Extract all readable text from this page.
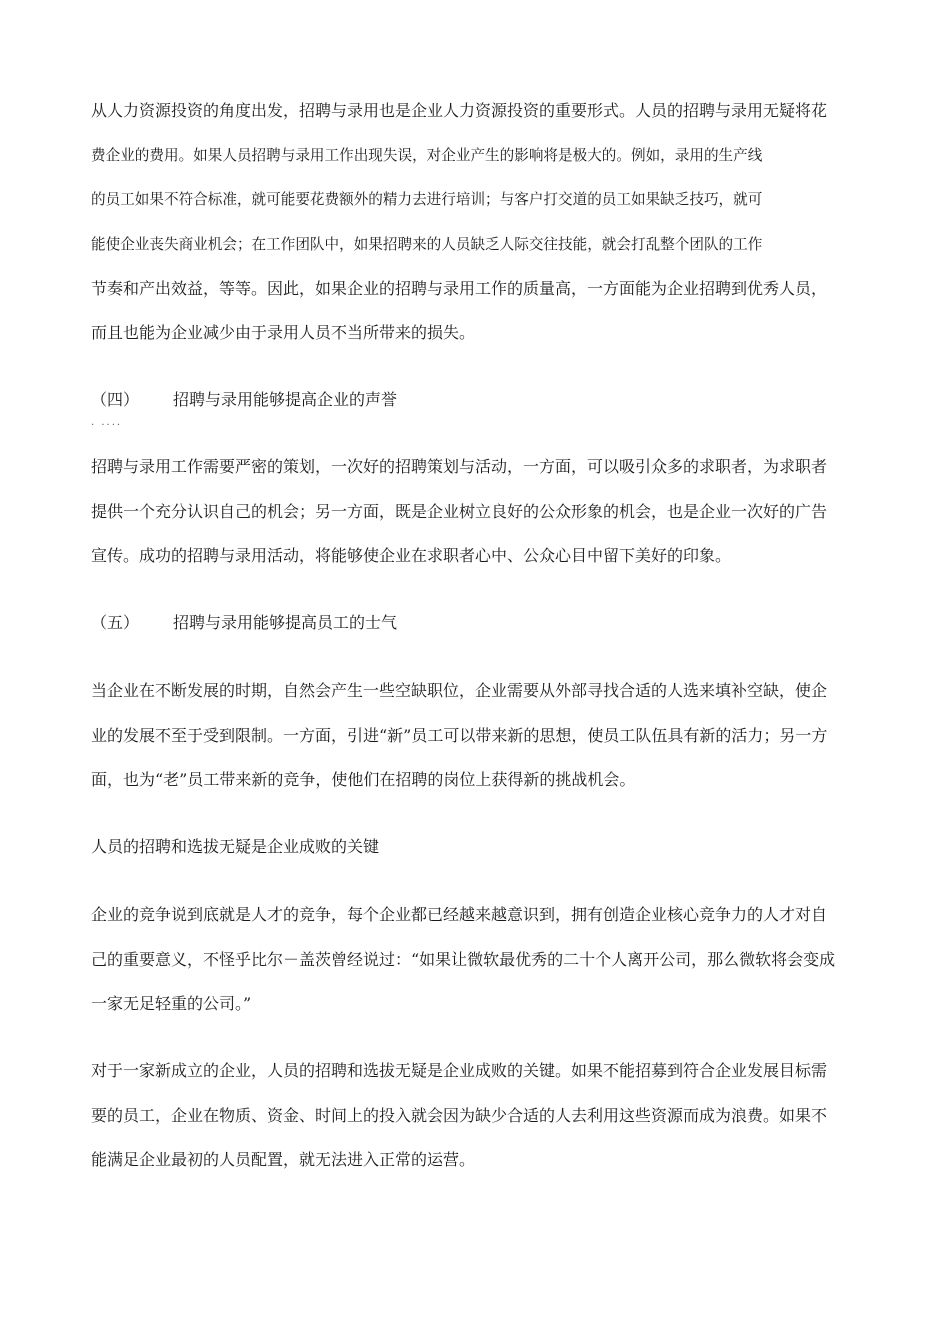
从人力资源投资的角度出发，招聘与录用也是企业人力资源投资的重要形式。人员的招聘与录用无疑将花
费企业的费用。如果人员招聘与录用工作出现失误，对企业产生的影响将是极大的。例如，录用的生产线
的员工如果不符合标准，就可能要花费额外的精力去进行培训；与客户打交道的员工如果缺乏技巧，就可
能使企业丧失商业机会；在工作团队中，如果招聘来的人员缺乏人际交往技能，就会打乱整个团队的工作
节奏和产出效益，等等。因此，如果企业的招聘与录用工作的质量高，一方面能为企业招聘到优秀人员，
而且也能为企业减少由于录用人员不当所带来的损失。
（四） 招聘与录用能够提高企业的声誉
. ....
招聘与录用工作需要严密的策划，一次好的招聘策划与活动，一方面，可以吸引众多的求职者，为求职者
提供一个充分认识自己的机会；另一方面，既是企业树立良好的公众形象的机会，也是企业一次好的广告
宣传。成功的招聘与录用活动，将能够使企业在求职者心中、公众心目中留下美好的印象。
（五） 招聘与录用能够提高员工的士气
当企业在不断发展的时期，自然会产生一些空缺职位，企业需要从外部寻找合适的人选来填补空缺，使企
业的发展不至于受到限制。一方面，引进“新”员工可以带来新的思想，使员工队伍具有新的活力；另一方
面，也为“老”员工带来新的竞争，使他们在招聘的岗位上获得新的挑战机会。
人员的招聘和选拔无疑是企业成败的关键
企业的竞争说到底就是人才的竞争，每个企业都已经越来越意识到，拥有创造企业核心竞争力的人才对自
己的重要意义，不怪乎比尔－盖茨曾经说过：“如果让微软最优秀的二十个人离开公司，那么微软将会变成
一家无足轻重的公司。”
对于一家新成立的企业，人员的招聘和选拔无疑是企业成败的关键。如果不能招募到符合企业发展目标需
要的员工，企业在物质、资金、时间上的投入就会因为缺少合适的人去利用这些资源而成为浪费。如果不
能满足企业最初的人员配置，就无法进入正常的运营。
